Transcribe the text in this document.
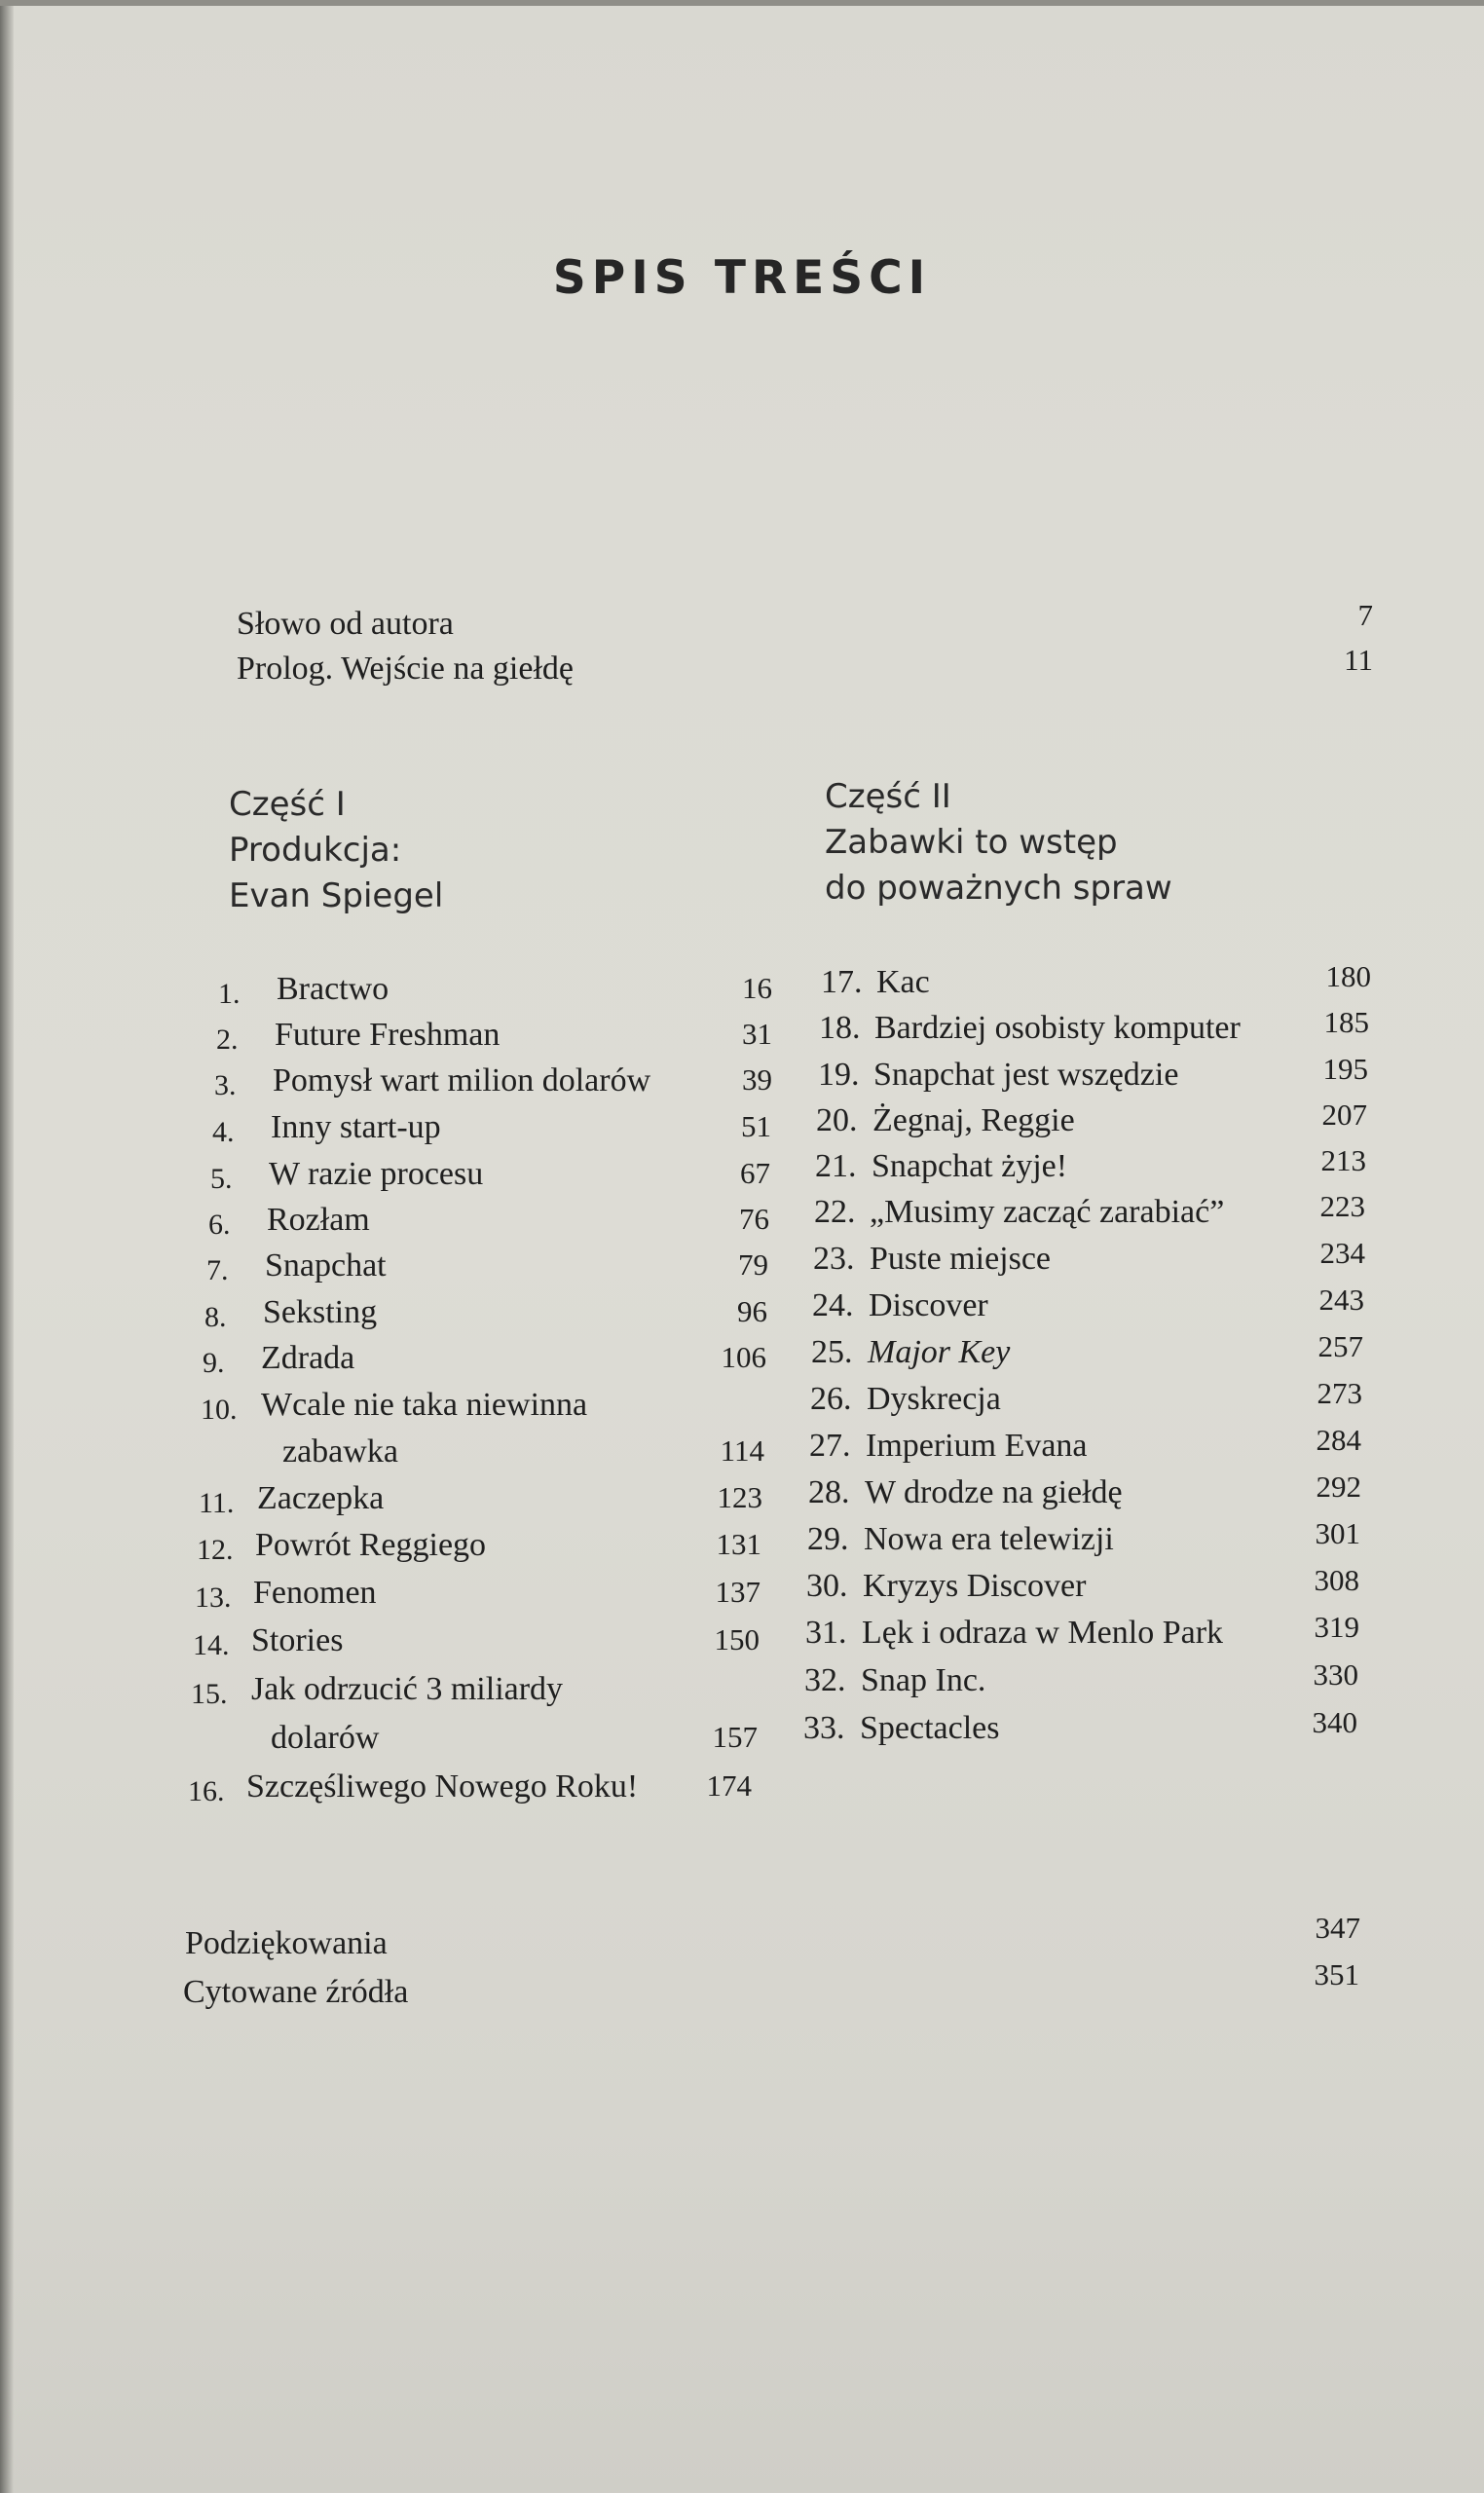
SPIS TREŚCI
Słowo od autora	7
Prolog. Wejście na giełdę	11
Część I
Produkcja:
Evan Spiegel
Część II
Zabawki to wstęp
do poważnych spraw
1. Bractwo	16
2. Future Freshman	31
3. Pomysł wart milion dolarów	39
4. Inny start-up	51
5. W razie procesu	67
6. Rozłam	76
7. Snapchat	79
8. Seksting	96
9. Zdrada	106
10. Wcale nie taka niewinna
zabawka	114
11. Zaczepka	123
12. Powrót Reggiego	131
13. Fenomen	137
14. Stories	150
15. Jak odrzucić 3 miliardy
dolarów	157
16. Szczęśliwego Nowego Roku!	174
17. Kac	180
18. Bardziej osobisty komputer	185
19. Snapchat jest wszędzie	195
20. Żegnaj, Reggie	207
21. Snapchat żyje!	213
22. „Musimy zacząć zarabiać”	223
23. Puste miejsce	234
24. Discover	243
25. Major Key	257
26. Dyskrecja	273
27. Imperium Evana	284
28. W drodze na giełdę	292
29. Nowa era telewizji	301
30. Kryzys Discover	308
31. Lęk i odraza w Menlo Park	319
32. Snap Inc.	330
33. Spectacles	340
Podziękowania	347
Cytowane źródła	351
